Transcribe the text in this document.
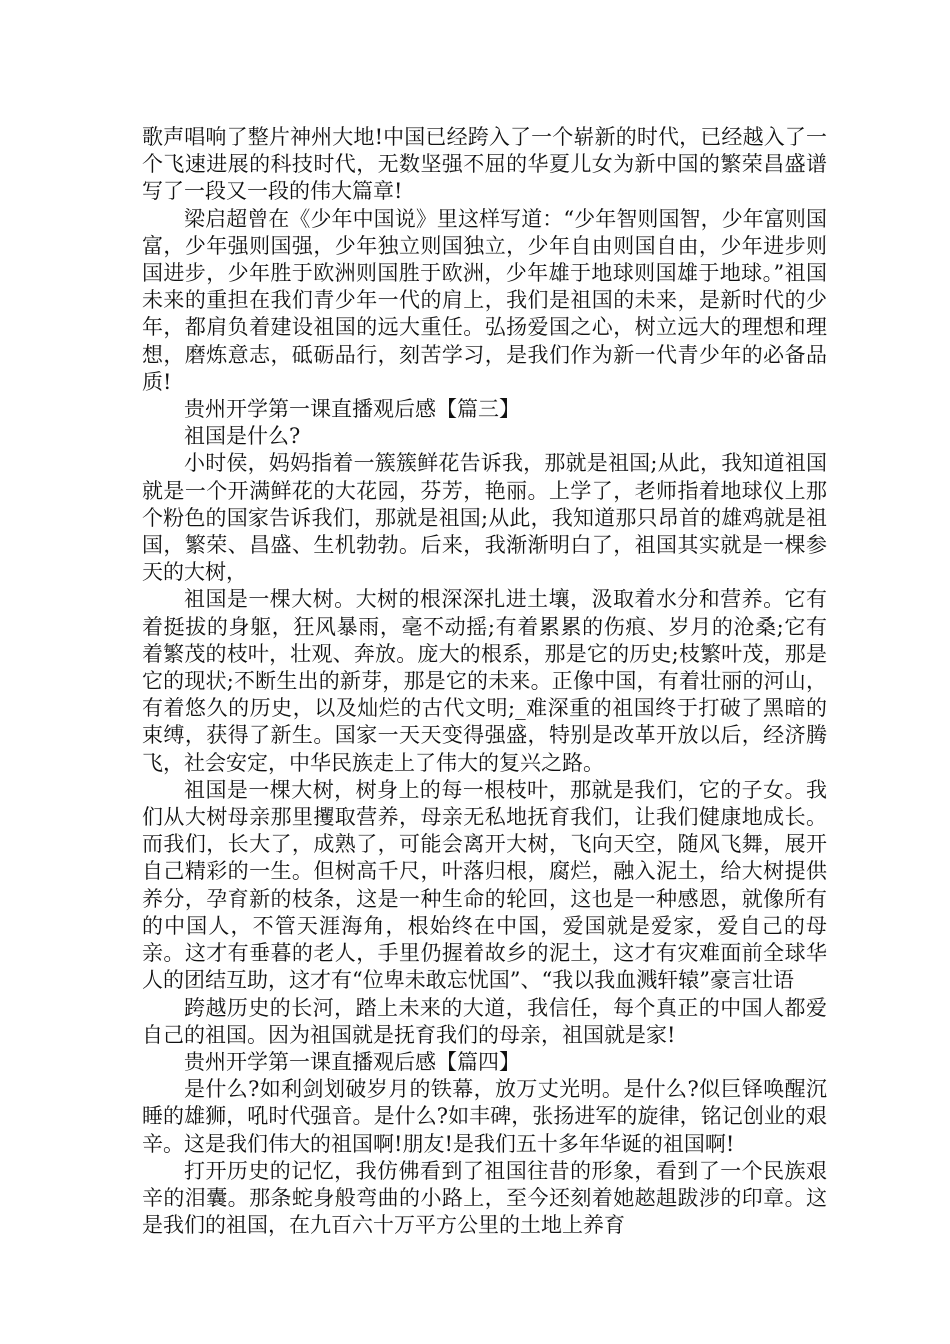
歌声唱响了整片神州大地!中国已经跨入了一个崭新的时代，已经越入了一个飞速进展的科技时代，无数坚强不屈的华夏儿女为新中国的繁荣昌盛谱写了一段又一段的伟大篇章!

梁启超曾在《少年中国说》里这样写道：“少年智则国智，少年富则国富，少年强则国强，少年独立则国独立，少年自由则国自由，少年进步则国进步，少年胜于欧洲则国胜于欧洲，少年雄于地球则国雄于地球。”祖国未来的重担在我们青少年一代的肩上，我们是祖国的未来，是新时代的少年，都肩负着建设祖国的远大重任。弘扬爱国之心，树立远大的理想和理想，磨炼意志，砥砺品行，刻苦学习，是我们作为新一代青少年的必备品质!

贵州开学第一课直播观后感【篇三】

祖国是什么?

小时侯，妈妈指着一簇簇鲜花告诉我，那就是祖国;从此，我知道祖国就是一个开满鲜花的大花园，芬芳，艳丽。上学了，老师指着地球仪上那个粉色的国家告诉我们，那就是祖国;从此，我知道那只昂首的雄鸡就是祖国，繁荣、昌盛、生机勃勃。后来，我渐渐明白了，祖国其实就是一棵参天的大树，

祖国是一棵大树。大树的根深深扎进土壤，汲取着水分和营养。它有着挺拔的身躯，狂风暴雨，毫不动摇;有着累累的伤痕、岁月的沧桑;它有着繁茂的枝叶，壮观、奔放。庞大的根系，那是它的历史;枝繁叶茂，那是它的现状;不断生出的新芽，那是它的未来。正像中国，有着壮丽的河山，有着悠久的历史，以及灿烂的古代文明;_难深重的祖国终于打破了黑暗的束缚，获得了新生。国家一天天变得强盛，特别是改革开放以后，经济腾飞，社会安定，中华民族走上了伟大的复兴之路。

祖国是一棵大树，树身上的每一根枝叶，那就是我们，它的子女。我们从大树母亲那里攫取营养，母亲无私地抚育我们，让我们健康地成长。而我们，长大了，成熟了，可能会离开大树，飞向天空，随风飞舞，展开自己精彩的一生。但树高千尺，叶落归根，腐烂，融入泥土，给大树提供养分，孕育新的枝条，这是一种生命的轮回，这也是一种感恩，就像所有的中国人，不管天涯海角，根始终在中国，爱国就是爱家，爱自己的母亲。这才有垂暮的老人，手里仍握着故乡的泥土，这才有灾难面前全球华人的团结互助，这才有“位卑未敢忘忧国”、“我以我血溅轩辕”豪言壮语

跨越历史的长河，踏上未来的大道，我信任，每个真正的中国人都爱自己的祖国。因为祖国就是抚育我们的母亲，祖国就是家!

贵州开学第一课直播观后感【篇四】

是什么?如利剑划破岁月的铁幕，放万丈光明。是什么?似巨铎唤醒沉睡的雄狮，吼时代强音。是什么?如丰碑，张扬进军的旋律，铭记创业的艰辛。这是我们伟大的祖国啊!朋友!是我们五十多年华诞的祖国啊!

打开历史的记忆，我仿佛看到了祖国往昔的形象，看到了一个民族艰辛的泪囊。那条蛇身般弯曲的小路上，至今还刻着她趑趄跋涉的印章。这是我们的祖国，在九百六十万平方公里的土地上养育
